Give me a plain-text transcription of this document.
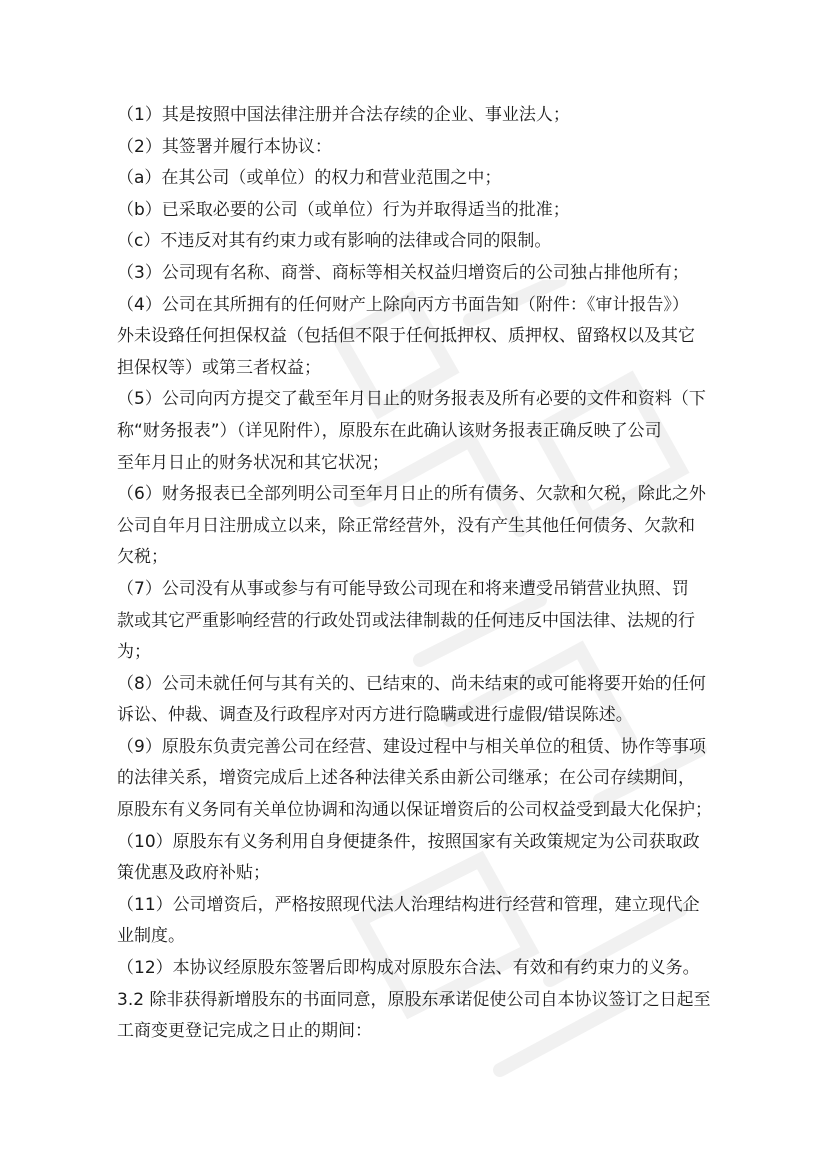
（1）其是按照中国法律注册并合法存续的企业、事业法人；
（2）其签署并履行本协议：
（a）在其公司（或单位）的权力和营业范围之中；
（b）已采取必要的公司（或单位）行为并取得适当的批准；
（c）不违反对其有约束力或有影响的法律或合同的限制。
（3）公司现有名称、商誉、商标等相关权益归增资后的公司独占排他所有；
（4）公司在其所拥有的任何财产上除向丙方书面告知（附件：《审计报告》）
外未设臵任何担保权益（包括但不限于任何抵押权、质押权、留臵权以及其它
担保权等）或第三者权益；
（5）公司向丙方提交了截至年月日止的财务报表及所有必要的文件和资料（下
称“财务报表”）（详见附件），原股东在此确认该财务报表正确反映了公司
至年月日止的财务状况和其它状况；
（6）财务报表已全部列明公司至年月日止的所有债务、欠款和欠税，除此之外
公司自年月日注册成立以来，除正常经营外，没有产生其他任何债务、欠款和
欠税；
（7）公司没有从事或参与有可能导致公司现在和将来遭受吊销营业执照、罚
款或其它严重影响经营的行政处罚或法律制裁的任何违反中国法律、法规的行
为；
（8）公司未就任何与其有关的、已结束的、尚未结束的或可能将要开始的任何
诉讼、仲裁、调查及行政程序对丙方进行隐瞒或进行虚假/错误陈述。
（9）原股东负责完善公司在经营、建设过程中与相关单位的租赁、协作等事项
的法律关系，增资完成后上述各种法律关系由新公司继承；在公司存续期间，
原股东有义务同有关单位协调和沟通以保证增资后的公司权益受到最大化保护；
（10）原股东有义务利用自身便捷条件，按照国家有关政策规定为公司获取政
策优惠及政府补贴；
（11）公司增资后，严格按照现代法人治理结构进行经营和管理，建立现代企
业制度。
（12）本协议经原股东签署后即构成对原股东合法、有效和有约束力的义务。
3.2 除非获得新增股东的书面同意，原股东承诺促使公司自本协议签订之日起至
工商变更登记完成之日止的期间：
